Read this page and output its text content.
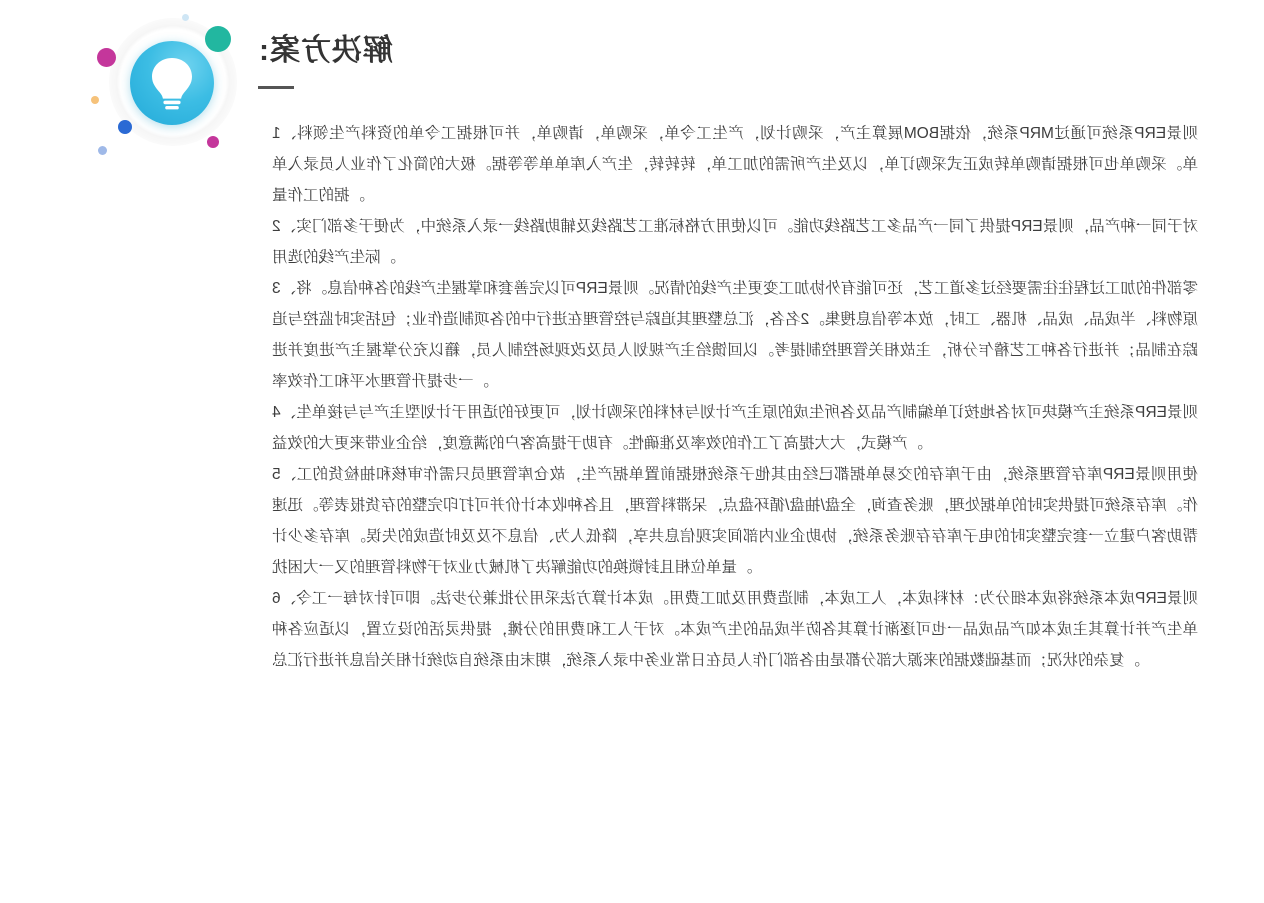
解决方案:

1、则景ERP系统可通过MRP系统，依据BOM展算主产，采购计划，产生工令单，采购单，请购单，并可根据工令单的资料产生领料单。采购单也可根据请购单转成正式采购订单，以及生产所需的加工单，转转转，生产入库单单等等据。极大的简化了作业人员录入单据的工作量。

2、对于同一种产品，则景ERP提供了同一产品多工艺路线功能。可以使用方格标准工艺路线及辅助路线一录入系统中，为便于多部门实际生产线的选用。

3、零部件的加工过程往往需要经过多道工艺，还可能有外协加工变更生产线的情况。则景ERP可以完善套和掌握生产线的各种信息。将原物料、半成品、成品、机器、工时，放本等信息搜集。2名各，汇总整理其追踪与控管理在进行中的各项制造作业；包括实时监控与追踪在制品；并进行各种工艺稽乍分析，主故相关管理控制提考。以回馈给主产规划人员及改现场控制人员，籍以充分掌握主产进度并进一步提升管理水平和工作效率。

4、则景ERP系统主产模块可对各地按订单编制产品及各所生成的原主产计划与材料的采购计划，可更好的适用于计划型主产与与接单生产模式，大大提高了工作的效率及准确性。有助于提高客户的满意度，给企业带来更大的效益。

5、使用则景ERP库存管理系统，由于库存的交易单据都已经由其他子系统根据前置单据产生，故仓库管理员只需作审核和抽检货的工作。库存系统可提供实时的单据处理，账务查询，全盘/抽盘/循环盘点，呆滞料管理，且各种收本计价并可打印完整的存货报表等。迅速帮助客户建立一套完整实时的电子库存存账务系统，协助企业内部间实现信息共享，降低人为、信息不及及时造成的失误。库存多少计量单位相且封锁换的功能解决了机械力业对于物料管理的又一大困扰。

6、则景ERP成本系统将成本细分为：材料成本，人工成本，制造费用及加工费用。成本计算方法采用分批兼分步法。即可针对每一工令单生产并计算其主成本如产品成品一也可逐渐计算其各防半成品的生产成本。对于人工和费用的分摊，提供灵活的设立置，以适应各种复杂的状况；而基础数据的来源大部分都是由各部门作人员在日常业务中录入系统，期末由系统自动统计相关信息并进行汇总。
